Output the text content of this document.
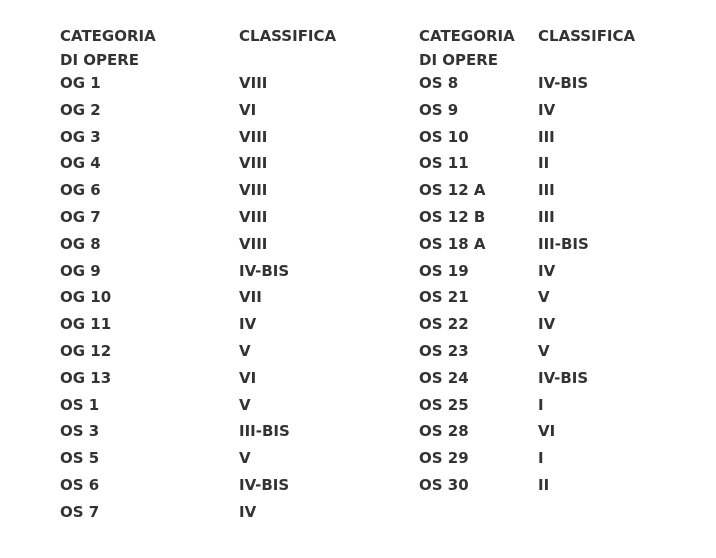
CATEGORIA
DI OPERE
CLASSIFICA
OG 1	VIII
OG 2	VI
OG 3	VIII
OG 4	VIII
OG 6	VIII
OG 7	VIII
OG 8	VIII
OG 9	IV-BIS
OG 10	VII
OG 11	IV
OG 12	V
OG 13	VI
OS 1	V
OS 3	III-BIS
OS 5	V
OS 6	IV-BIS
OS 7	IV
CATEGORIA
DI OPERE
CLASSIFICA
OS 8	IV-BIS
OS 9	IV
OS 10	III
OS 11	II
OS 12 A	III
OS 12 B	III
OS 18 A	III-BIS
OS 19	IV
OS 21	V
OS 22	IV
OS 23	V
OS 24	IV-BIS
OS 25	I
OS 28	VI
OS 29	I
OS 30	II
